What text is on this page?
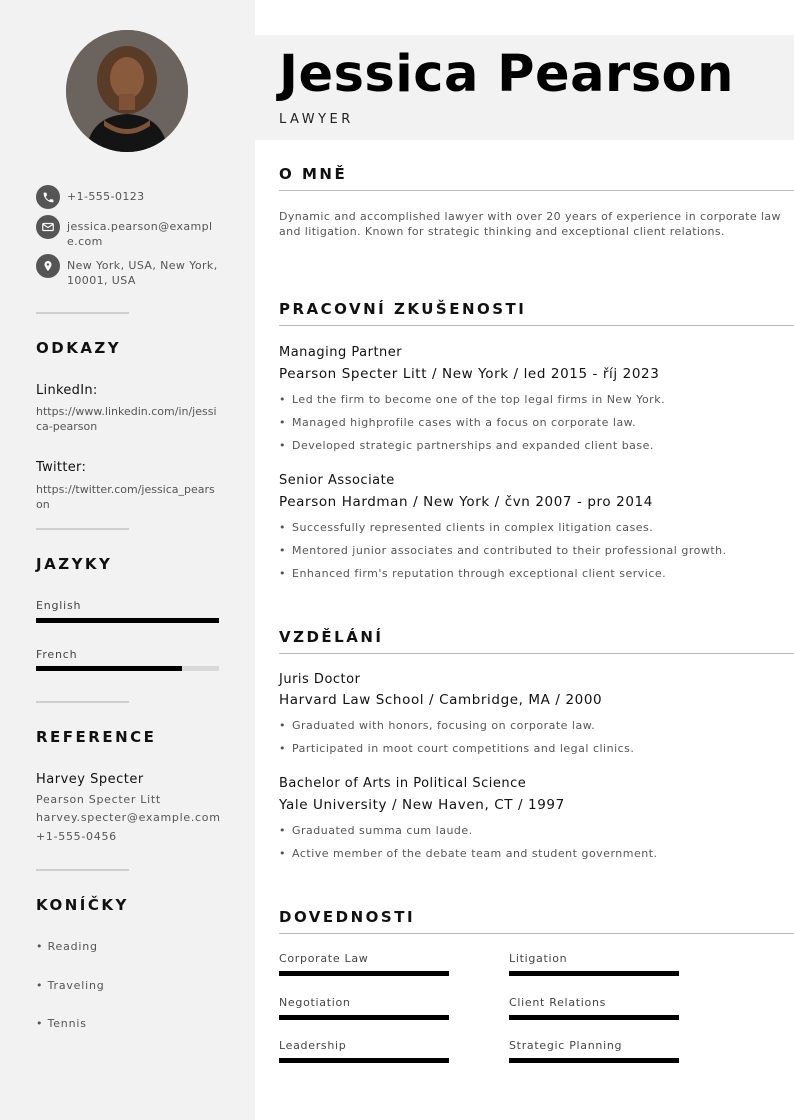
+1-555-0123
jessica.pearson@example.com
New York, USA, New York, 10001, USA
ODKAZY
LinkedIn:
https://www.linkedin.com/in/jessica-pearson
Twitter:
https://twitter.com/jessica_pearson
JAZYKY
English
French
REFERENCE
Harvey Specter
Pearson Specter Litt
harvey.specter@example.com
+1-555-0456
KONÍČKY
• Reading
• Traveling
• Tennis
Jessica Pearson
LAWYER
O MNĚ
Dynamic and accomplished lawyer with over 20 years of experience in corporate law and litigation. Known for strategic thinking and exceptional client relations.
PRACOVNÍ ZKUŠENOSTI
Managing Partner
Pearson Specter Litt / New York / led 2015 - říj 2023
• Led the firm to become one of the top legal firms in New York.
• Managed highprofile cases with a focus on corporate law.
• Developed strategic partnerships and expanded client base.
Senior Associate
Pearson Hardman / New York / čvn 2007 - pro 2014
• Successfully represented clients in complex litigation cases.
• Mentored junior associates and contributed to their professional growth.
• Enhanced firm's reputation through exceptional client service.
VZDĚLÁNÍ
Juris Doctor
Harvard Law School / Cambridge, MA / 2000
• Graduated with honors, focusing on corporate law.
• Participated in moot court competitions and legal clinics.
Bachelor of Arts in Political Science
Yale University / New Haven, CT / 1997
• Graduated summa cum laude.
• Active member of the debate team and student government.
DOVEDNOSTI
Corporate Law	Litigation
Negotiation	Client Relations
Leadership	Strategic Planning
